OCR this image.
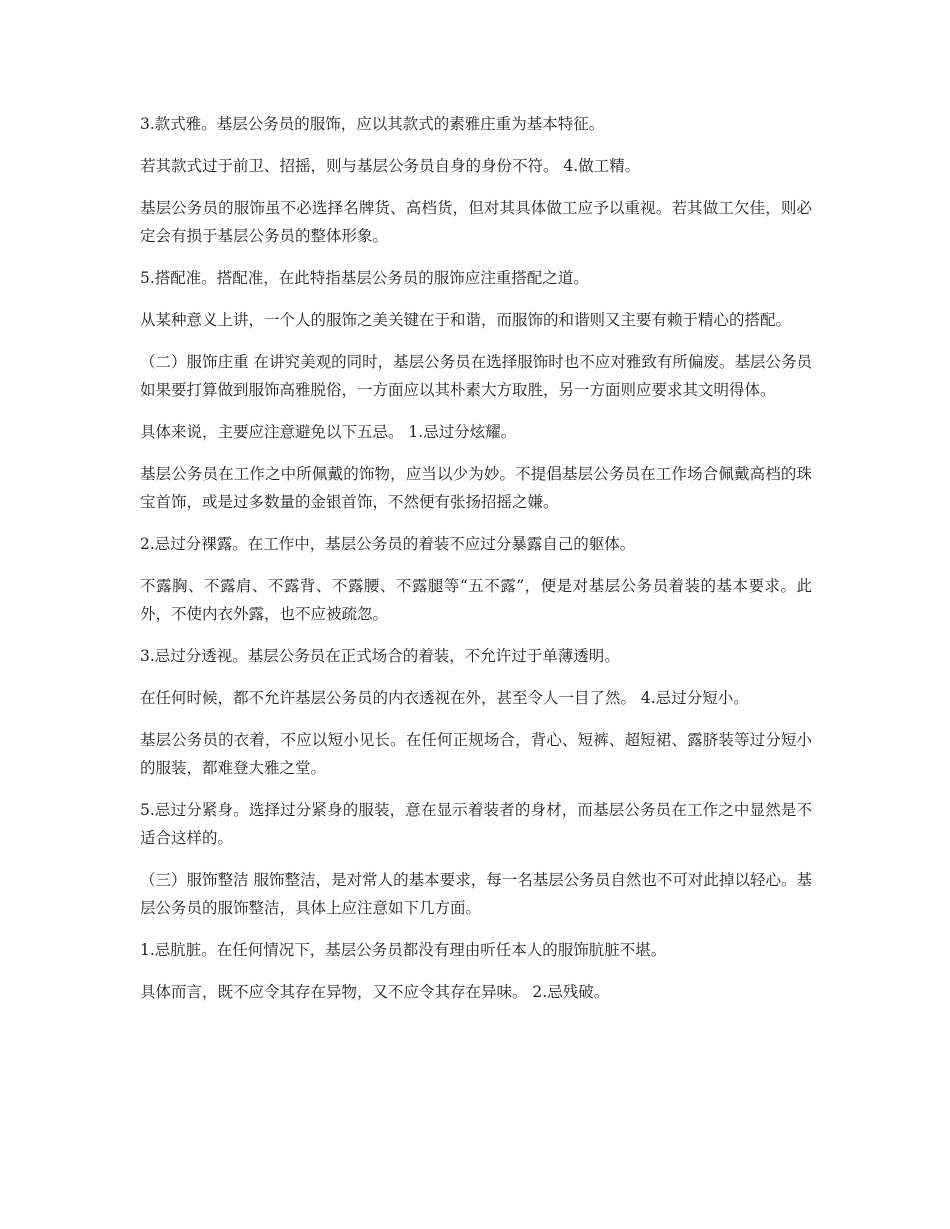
3.款式雅。基层公务员的服饰，应以其款式的素雅庄重为基本特征。

若其款式过于前卫、招摇，则与基层公务员自身的身份不符。 4.做工精。

基层公务员的服饰虽不必选择名牌货、高档货，但对其具体做工应予以重视。若其做工欠佳，则必定会有损于基层公务员的整体形象。

5.搭配准。搭配准，在此特指基层公务员的服饰应注重搭配之道。

从某种意义上讲，一个人的服饰之美关键在于和谐，而服饰的和谐则又主要有赖于精心的搭配。

（二）服饰庄重 在讲究美观的同时，基层公务员在选择服饰时也不应对雅致有所偏废。基层公务员如果要打算做到服饰高雅脱俗，一方面应以其朴素大方取胜，另一方面则应要求其文明得体。

具体来说，主要应注意避免以下五忌。 1.忌过分炫耀。

基层公务员在工作之中所佩戴的饰物，应当以少为妙。不提倡基层公务员在工作场合佩戴高档的珠宝首饰，或是过多数量的金银首饰，不然便有张扬招摇之嫌。

2.忌过分裸露。在工作中，基层公务员的着装不应过分暴露自己的躯体。

不露胸、不露肩、不露背、不露腰、不露腿等“五不露”，便是对基层公务员着装的基本要求。此外，不使内衣外露，也不应被疏忽。

3.忌过分透视。基层公务员在正式场合的着装，不允许过于单薄透明。

在任何时候，都不允许基层公务员的内衣透视在外，甚至令人一目了然。 4.忌过分短小。

基层公务员的衣着，不应以短小见长。在任何正规场合，背心、短裤、超短裙、露脐装等过分短小的服装，都难登大雅之堂。

5.忌过分紧身。选择过分紧身的服装，意在显示着装者的身材，而基层公务员在工作之中显然是不适合这样的。

（三）服饰整洁 服饰整洁，是对常人的基本要求，每一名基层公务员自然也不可对此掉以轻心。基层公务员的服饰整洁，具体上应注意如下几方面。

1.忌肮脏。在任何情况下，基层公务员都没有理由听任本人的服饰肮脏不堪。

具体而言，既不应令其存在异物，又不应令其存在异味。 2.忌残破。
